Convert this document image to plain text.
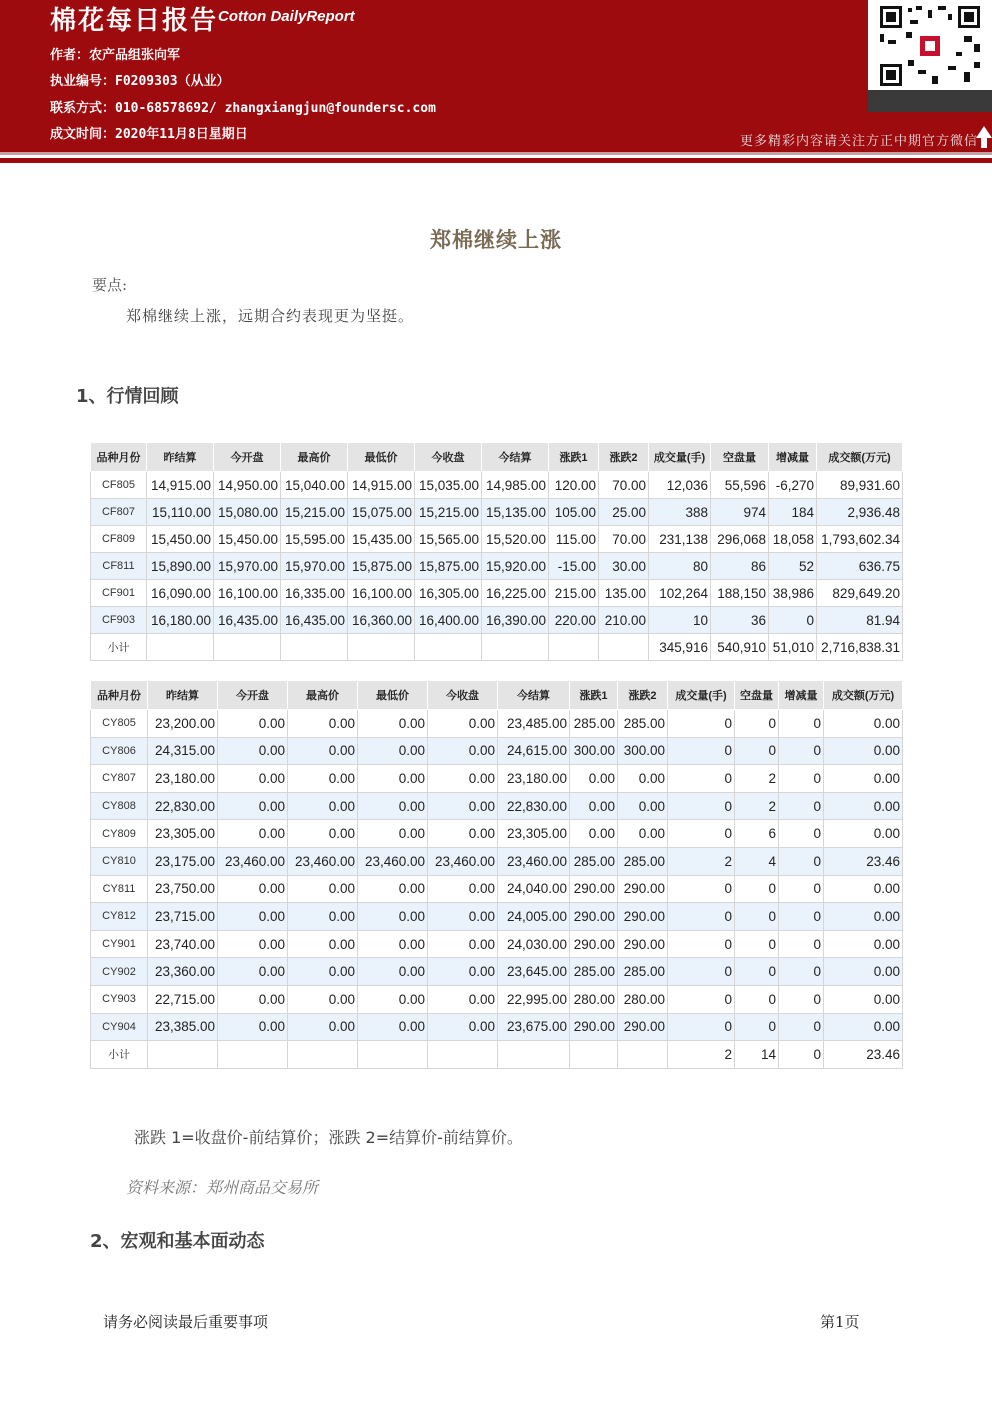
棉花每日报告 Cotton DailyReport
作者：农产品组张向军
执业编号：F0209303（从业）
联系方式：010-68578692/ zhangxiangjun@foundersc.com
成文时间：2020年11月8日星期日	更多精彩内容请关注方正中期官方微信
郑棉继续上涨
要点:
郑棉继续上涨，远期合约表现更为坚挺。
1、行情回顾
品种月份	昨结算	今开盘	最高价	最低价	今收盘	今结算	涨跌1	涨跌2	成交量(手)	空盘量	增减量	成交额(万元)
CF805	14,915.00	14,950.00	15,040.00	14,915.00	15,035.00	14,985.00	120.00	70.00	12,036	55,596	-6,270	89,931.60
CF807	15,110.00	15,080.00	15,215.00	15,075.00	15,215.00	15,135.00	105.00	25.00	388	974	184	2,936.48
CF809	15,450.00	15,450.00	15,595.00	15,435.00	15,565.00	15,520.00	115.00	70.00	231,138	296,068	18,058	1,793,602.34
CF811	15,890.00	15,970.00	15,970.00	15,875.00	15,875.00	15,920.00	-15.00	30.00	80	86	52	636.75
CF901	16,090.00	16,100.00	16,335.00	16,100.00	16,305.00	16,225.00	215.00	135.00	102,264	188,150	38,986	829,649.20
CF903	16,180.00	16,435.00	16,435.00	16,360.00	16,400.00	16,390.00	220.00	210.00	10	36	0	81.94
小计									345,916	540,910	51,010	2,716,838.31
品种月份	昨结算	今开盘	最高价	最低价	今收盘	今结算	涨跌1	涨跌2	成交量(手)	空盘量	增减量	成交额(万元)
CY805	23,200.00	0.00	0.00	0.00	0.00	23,485.00	285.00	285.00	0	0	0	0.00
CY806	24,315.00	0.00	0.00	0.00	0.00	24,615.00	300.00	300.00	0	0	0	0.00
CY807	23,180.00	0.00	0.00	0.00	0.00	23,180.00	0.00	0.00	0	2	0	0.00
CY808	22,830.00	0.00	0.00	0.00	0.00	22,830.00	0.00	0.00	0	2	0	0.00
CY809	23,305.00	0.00	0.00	0.00	0.00	23,305.00	0.00	0.00	0	6	0	0.00
CY810	23,175.00	23,460.00	23,460.00	23,460.00	23,460.00	23,460.00	285.00	285.00	2	4	0	23.46
CY811	23,750.00	0.00	0.00	0.00	0.00	24,040.00	290.00	290.00	0	0	0	0.00
CY812	23,715.00	0.00	0.00	0.00	0.00	24,005.00	290.00	290.00	0	0	0	0.00
CY901	23,740.00	0.00	0.00	0.00	0.00	24,030.00	290.00	290.00	0	0	0	0.00
CY902	23,360.00	0.00	0.00	0.00	0.00	23,645.00	285.00	285.00	0	0	0	0.00
CY903	22,715.00	0.00	0.00	0.00	0.00	22,995.00	280.00	280.00	0	0	0	0.00
CY904	23,385.00	0.00	0.00	0.00	0.00	23,675.00	290.00	290.00	0	0	0	0.00
小计									2	14	0	23.46
涨跌 1=收盘价-前结算价；涨跌 2=结算价-前结算价。
资料来源：郑州商品交易所
2、宏观和基本面动态
请务必阅读最后重要事项	第1页
